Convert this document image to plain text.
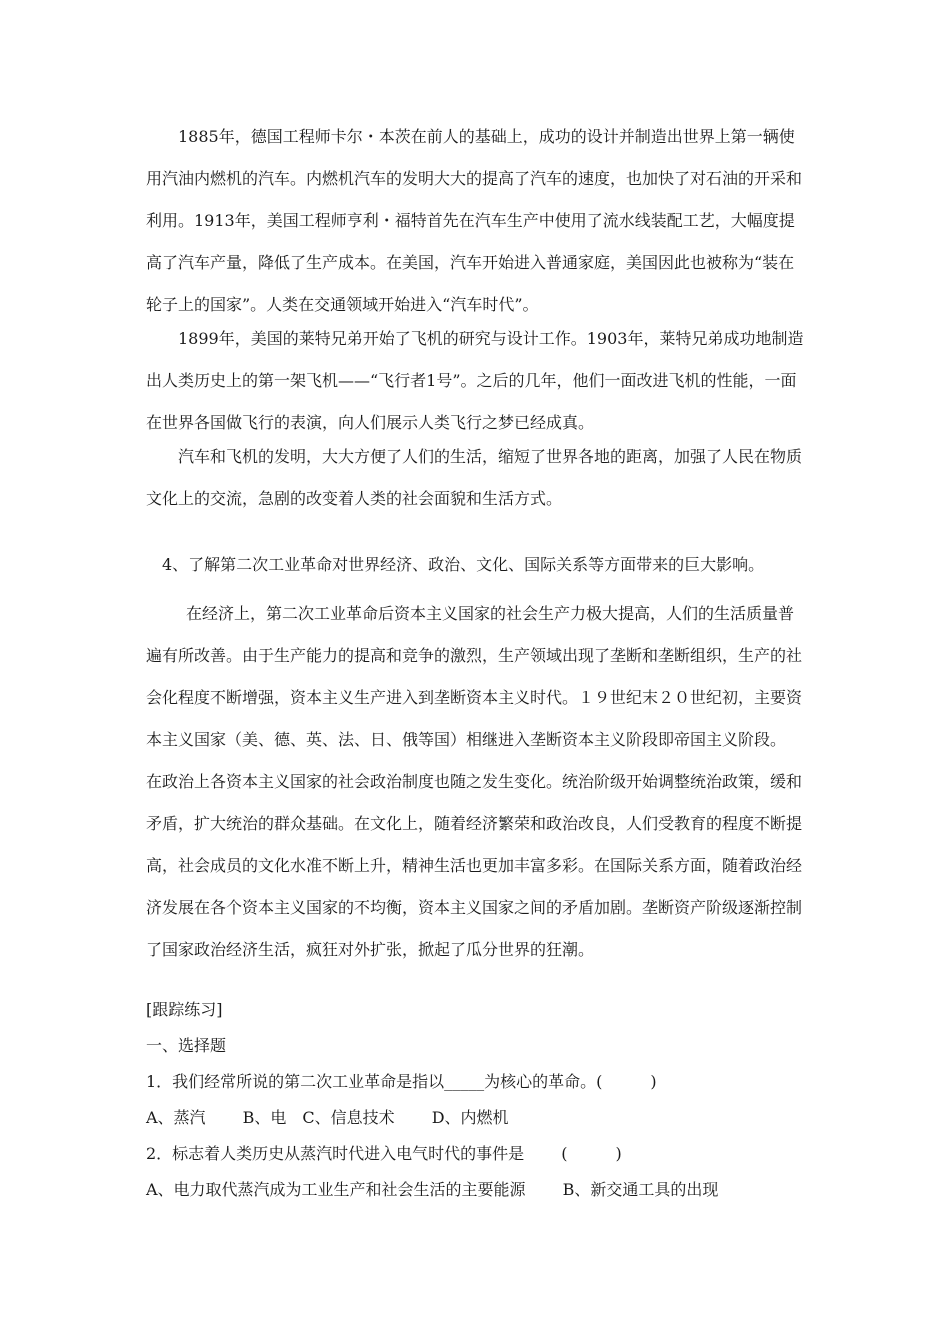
1885年，德国工程师卡尔・本茨在前人的基础上，成功的设计并制造出世界上第一辆使用汽油内燃机的汽车。内燃机汽车的发明大大的提高了汽车的速度，也加快了对石油的开采和利用。1913年，美国工程师亨利・福特首先在汽车生产中使用了流水线装配工艺，大幅度提高了汽车产量，降低了生产成本。在美国，汽车开始进入普通家庭，美国因此也被称为“装在轮子上的国家”。人类在交通领域开始进入“汽车时代”。

1899年，美国的莱特兄弟开始了飞机的研究与设计工作。1903年，莱特兄弟成功地制造出人类历史上的第一架飞机——“飞行者1号”。之后的几年，他们一面改进飞机的性能，一面在世界各国做飞行的表演，向人们展示人类飞行之梦已经成真。

汽车和飞机的发明，大大方便了人们的生活，缩短了世界各地的距离，加强了人民在物质文化上的交流，急剧的改变着人类的社会面貌和生活方式。

4、了解第二次工业革命对世界经济、政治、文化、国际关系等方面带来的巨大影响。

在经济上，第二次工业革命后资本主义国家的社会生产力极大提高，人们的生活质量普遍有所改善。由于生产能力的提高和竞争的激烈，生产领域出现了垄断和垄断组织，生产的社会化程度不断增强，资本主义生产进入到垄断资本主义时代。１９世纪末２０世纪初，主要资本主义国家（美、德、英、法、日、俄等国）相继进入垄断资本主义阶段即帝国主义阶段。 在政治上各资本主义国家的社会政治制度也随之发生变化。统治阶级开始调整统治政策，缓和矛盾，扩大统治的群众基础。在文化上，随着经济繁荣和政治改良，人们受教育的程度不断提高，社会成员的文化水准不断上升，精神生活也更加丰富多彩。在国际关系方面，随着政治经济发展在各个资本主义国家的不均衡，资本主义国家之间的矛盾加剧。垄断资产阶级逐渐控制了国家政治经济生活，疯狂对外扩张，掀起了瓜分世界的狂潮。

[跟踪练习]

一、选择题

1．我们经常所说的第二次工业革命是指以_____为核心的革命。(　　　)

A、蒸汽　　 B、电　C、信息技术　　 D、内燃机

2．标志着人类历史从蒸汽时代进入电气时代的事件是　　 (　　　)

A、电力取代蒸汽成为工业生产和社会生活的主要能源　　 B、新交通工具的出现
